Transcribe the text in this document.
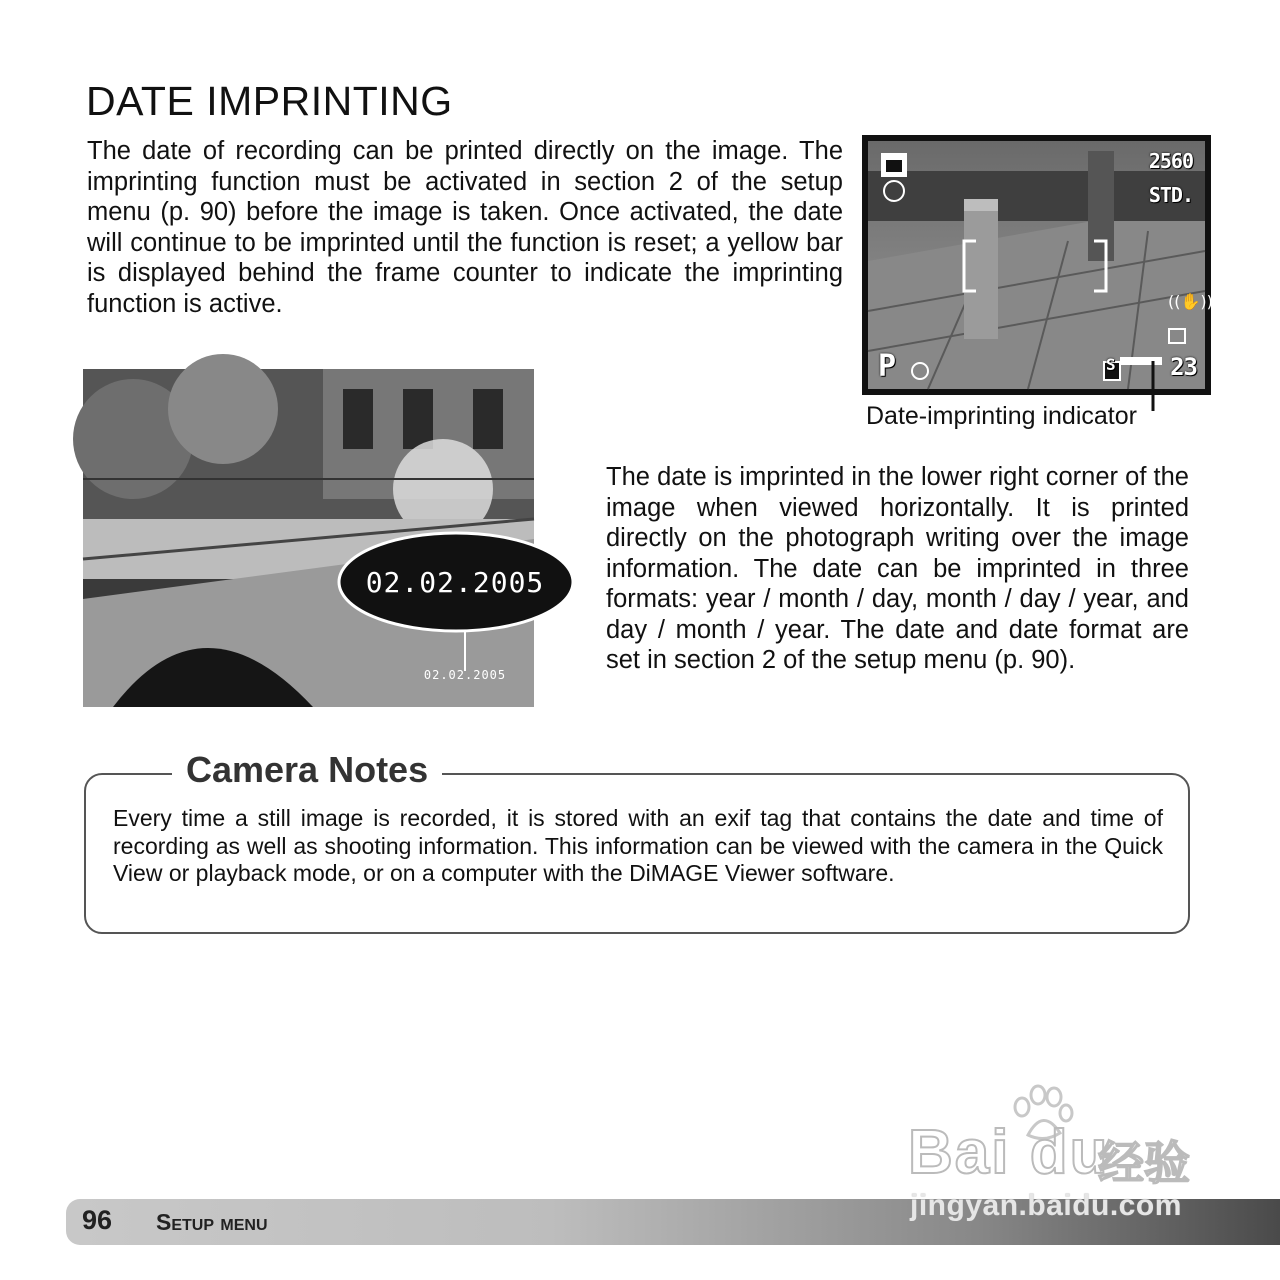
DATE IMPRINTING

The date of recording can be printed directly on the image. The imprinting function must be activated in section 2 of the setup menu (p. 90) before the image is taken. Once activated, the date will continue to be imprinted until the function is reset; a yellow bar is displayed behind the frame counter to indicate the imprinting function is active.	((✋))
2560
STD.
P	S 23
Date-imprinting indicator
02.02.2005
02.02.2005

The date is imprinted in the lower right corner of the image when viewed horizontally. It is printed directly on the photograph writing over the image information. The date can be imprinted in three formats: year / month / day, month / day / year, and day / month / year. The date and date format are set in section 2 of the setup menu (p. 90).

Camera Notes

Every time a still image is recorded, it is stored with an exif tag that contains the date and time of recording as well as shooting information. This information can be viewed with the camera in the Quick View or playback mode, or on a computer with the DiMAGE Viewer software.

96 Setup menu
Bai du
经验
jingyan.baidu.com
